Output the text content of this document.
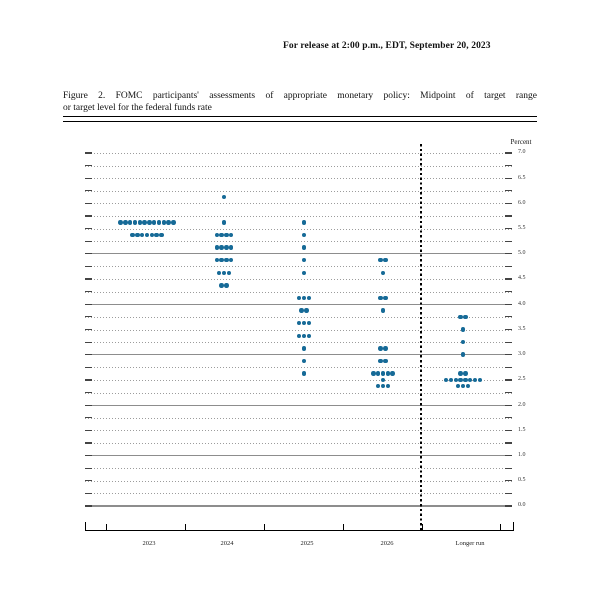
For release at 2:00 p.m., EDT, September 20, 2023
Figure 2. FOMC participants' assessments of appropriate monetary policy: Midpoint of target range
or target level for the federal funds rate
Percent
0.0
0.5
1.0
1.5
2.0
2.5
3.0
3.5
4.0
4.5
5.0
5.5
6.0
6.5
7.0
2023	2024	2025	2026	Longer run
